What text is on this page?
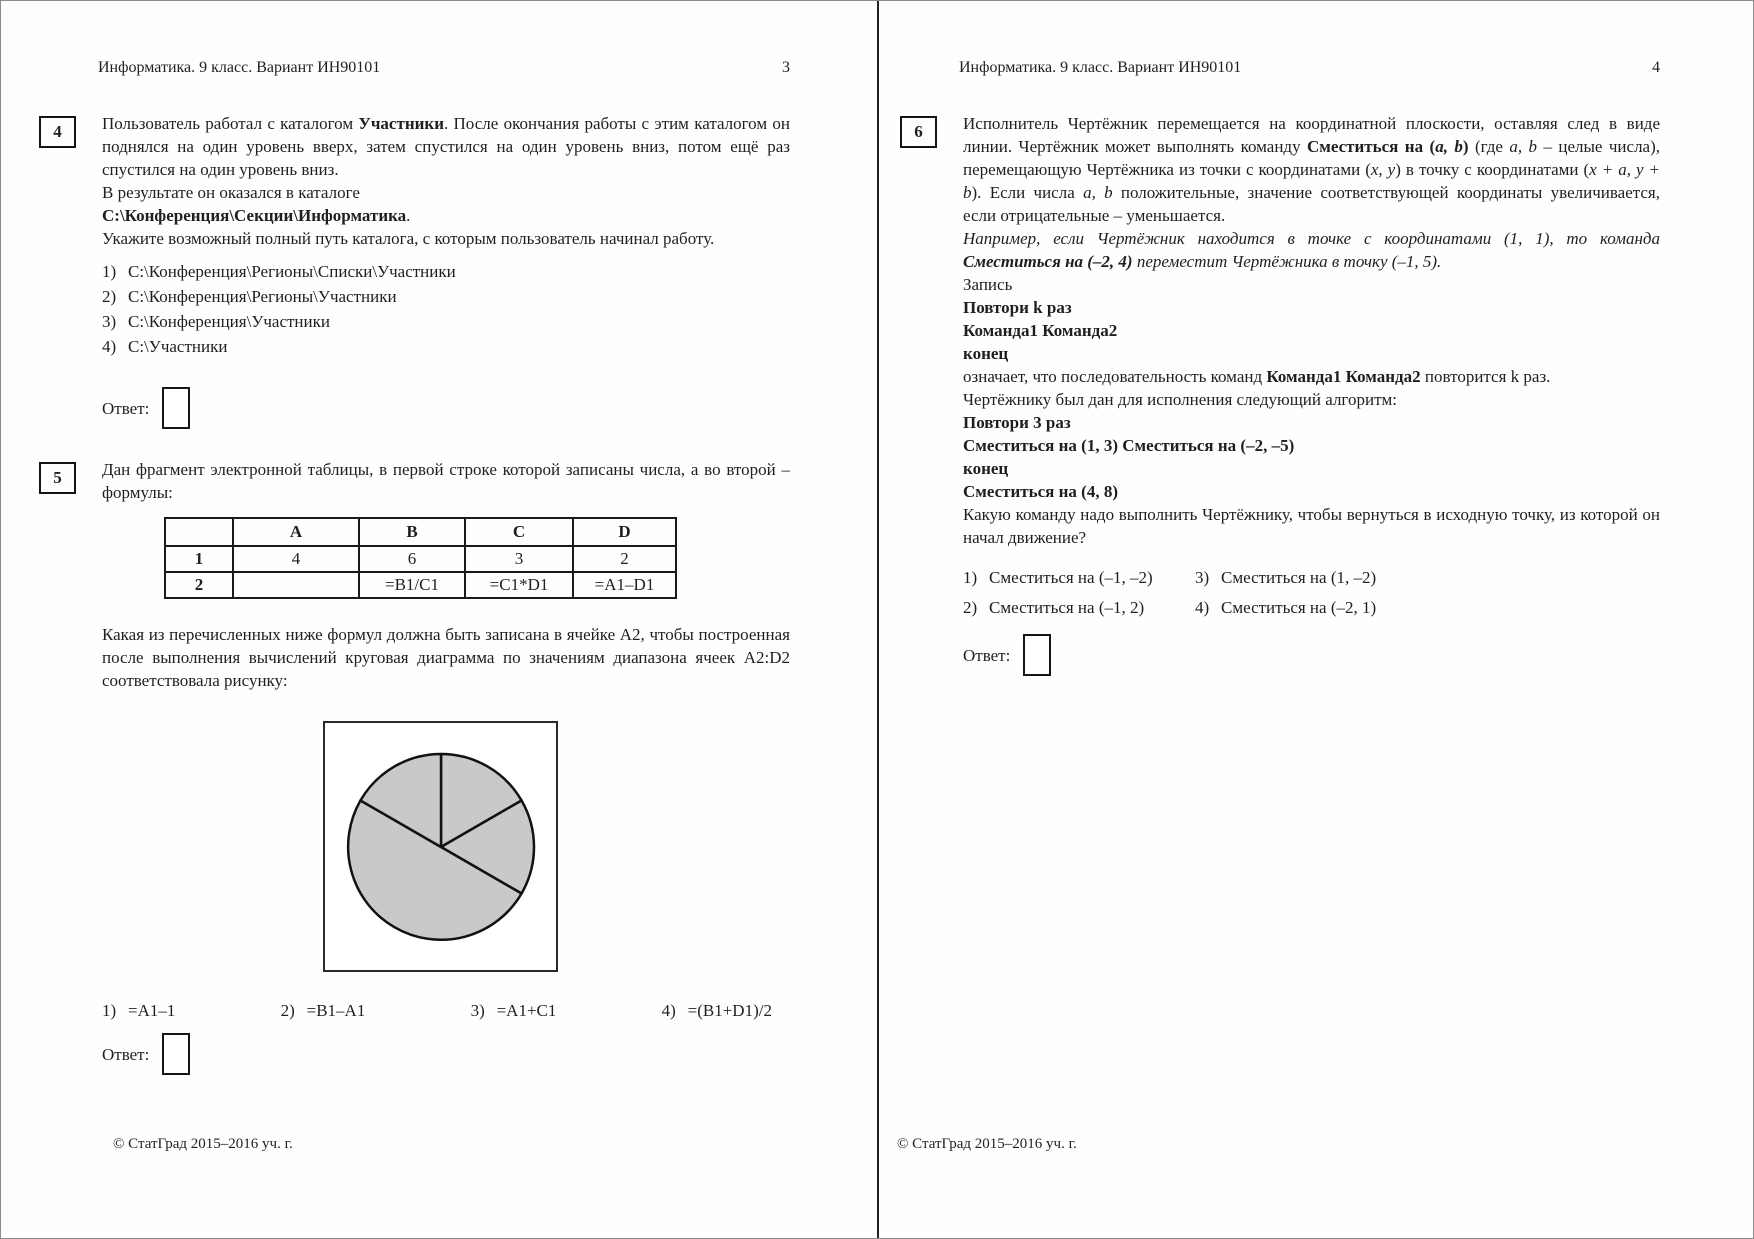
Информатика. 9 класс. Вариант ИН90101	3
4	Пользователь работал с каталогом Участники. После окончания работы с этим каталогом он поднялся на один уровень вверх, затем спустился на один уровень вниз, потом ещё раз спустился на один уровень вниз.

В результате он оказался в каталоге

C:\Конференция\Секции\Информатика.

Укажите возможный полный путь каталога, с которым пользователь начинал работу.

1) C:\Конференция\Регионы\Списки\Участники
2) C:\Конференция\Регионы\Участники
3) C:\Конференция\Участники
4) C:\Участники
Ответ:
5	Дан фрагмент электронной таблицы, в первой строке которой записаны числа, а во второй – формулы:

	A	B	C	D
1	4	6	3	2
2		=B1/C1	=C1*D1	=A1–D1

Какая из перечисленных ниже формул должна быть записана в ячейке A2, чтобы построенная после выполнения вычислений круговая диаграмма по значениям диапазона ячеек A2:D2 соответствовала рисунку:

1) =A1–1	2) =B1–A1	3) =A1+C1	4) =(B1+D1)/2
Ответ:
© СтатГрад 2015–2016 уч. г.
Информатика. 9 класс. Вариант ИН90101	4
6	Исполнитель Чертёжник перемещается на координатной плоскости, оставляя след в виде линии. Чертёжник может выполнять команду Сместиться на (a, b) (где a, b – целые числа), перемещающую Чертёжника из точки с координатами (x, y) в точку с координатами (x + a, y + b). Если числа a, b положительные, значение соответствующей координаты увеличивается, если отрицательные – уменьшается.

Например, если Чертёжник находится в точке с координатами (1, 1), то команда Сместиться на (–2, 4) переместит Чертёжника в точку (–1, 5).

Запись

Повтори k раз

Команда1 Команда2

конец

означает, что последовательность команд Команда1 Команда2 повторится k раз.

Чертёжнику был дан для исполнения следующий алгоритм:

Повтори 3 раз

Сместиться на (1, 3) Сместиться на (–2, –5)

конец

Сместиться на (4, 8)

Какую команду надо выполнить Чертёжнику, чтобы вернуться в исходную точку, из которой он начал движение?

1) Сместиться на (–1, –2)	3) Сместиться на (1, –2)
2) Сместиться на (–1, 2)	4) Сместиться на (–2, 1)
Ответ:
© СтатГрад 2015–2016 уч. г.
